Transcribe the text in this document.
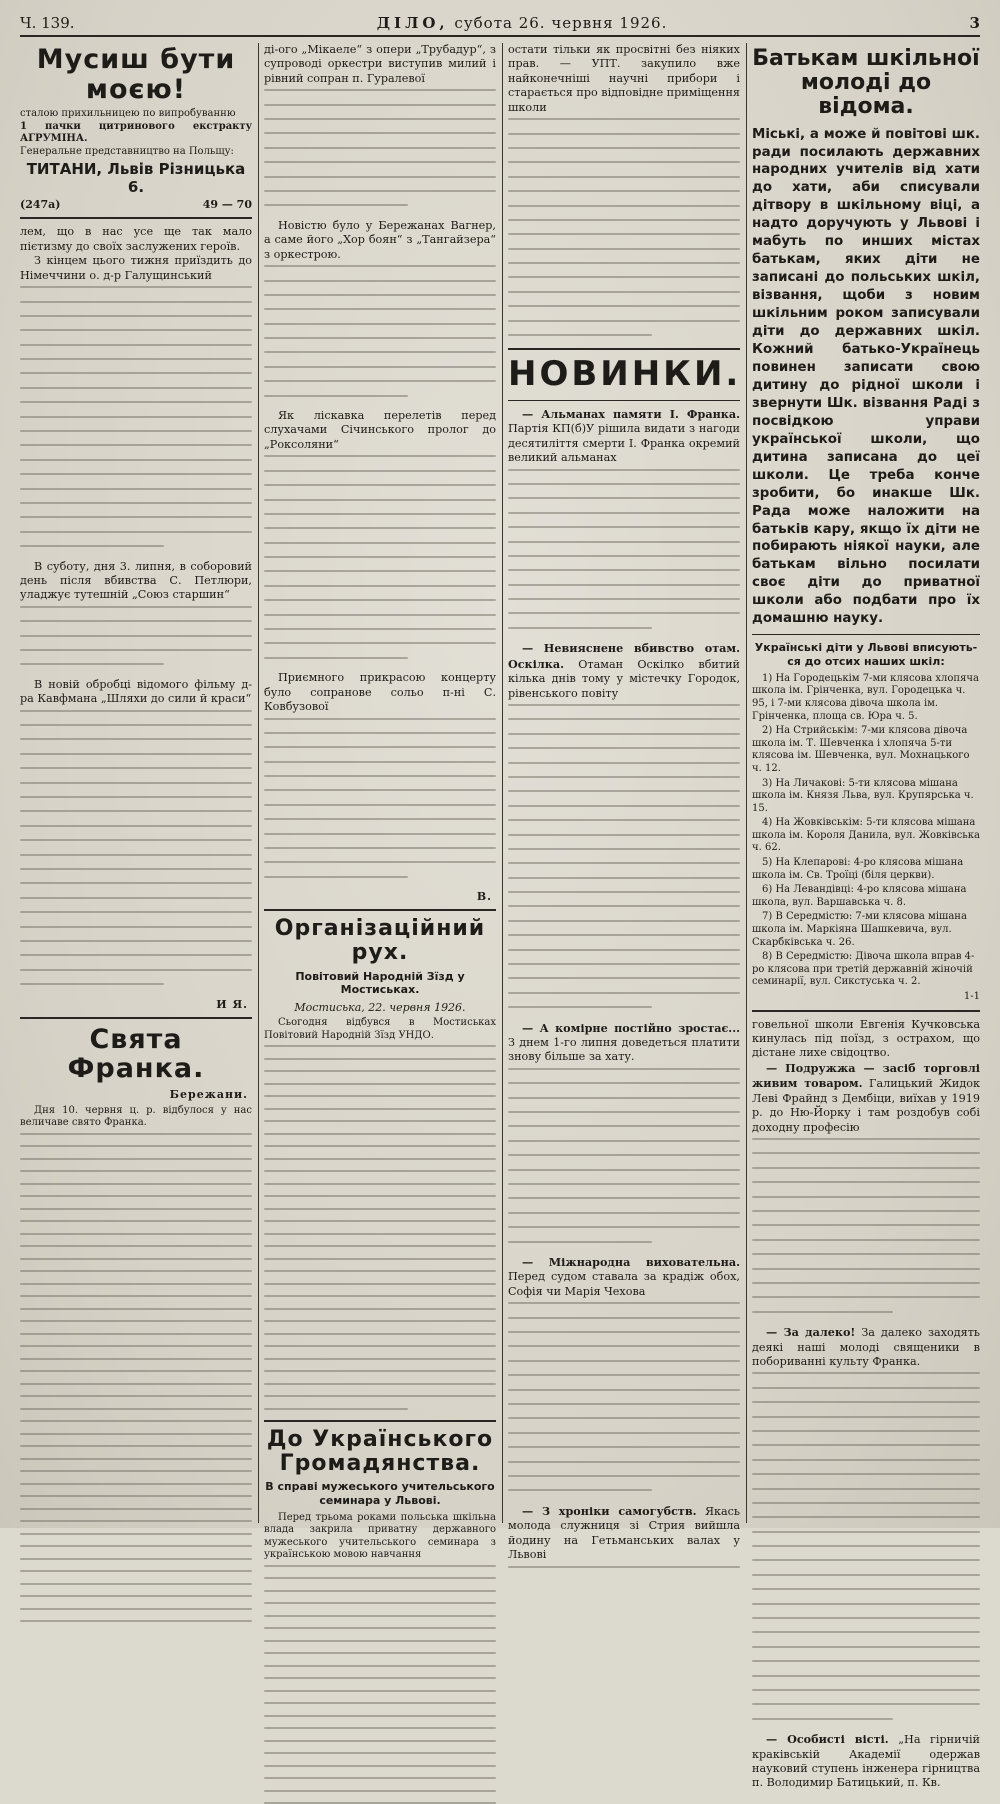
Ч. 139.	ДІЛО, субота 26. червня 1926.	3
Мусиш бути моєю!

сталою прихильницею по випробуванню

1 пачки цитринового екстракту АГРУМІНА.

Генеральне представництво на Польщу:

ТИТАНИ, Львів Різницька 6.
(247а)	49 — 70

лем, що в нас усе ще так мало пієтизму до своїх заслужених героїв.

З кінцем цього тижня приїздить до Німеччини о. д-р Галущинський

В суботу, дня 3. липня, в соборовий день після вбивства С. Петлюри, уладжує тутешній „Союз старшин“

В новій обробці відомого фільму д-ра Кавфмана „Шляхи до сили й краси“

И Я.
Свята Франка.
Бережани.

Дня 10. червня ц. р. відбулося у нас величаве свято Франка.

ді-ого „Мікаеле“ з опери „Трубадур“, з супроводі оркестри виступив милий і рівний сопран п. Гуралевої

Новістю було у Бережанах Вагнер, а саме його „Хор боян“ з „Тангайзера“ з оркестрою.

Як ліскавка перелетів перед слухачами Січинського пролог до „Роксоляни“

Приємного прикрасою концерту було сопранове сольо п-ні С. Ковбузової

В.
Організаційний рух.
Повітовий Народній Зїзд у Мостиськах.
Мостиська, 22. червня 1926.

Сьогодня відбувся в Мостиськах Повітовий Народній Зїзд УНДО.

До Українського Громадянства.
В справі мужеського учительського семинара у Львові.

Перед трьома роками польська шкільна влада закрила приватну державного мужеського учительського семинара з українською мовою навчання

остати тільки як просвітні без ніяких прав. — УПТ. закупило вже найконечніші научні прибори і старається про відповідне приміщення школи

НОВИНКИ.

— Альманах памяти І. Франка. Партія КП(б)У рішила видати з нагоди десятиліття смерти І. Франка окремий великий альманах

— Невияснене вбивство отам. Оскілка. Отаман Оскілко вбитий кілька днів тому у містечку Городок, рівенського повіту

— А комірне постійно зростає... З днем 1-го липня доведеться платити знову більше за хату.

— Міжнародна виховательна. Перед судом ставала за крадіж обох, Софія чи Марія Чехова

— З хроніки самогубств. Якась молода служниця зі Стрия вийшла йодину на Гетьманських валах у Львові

Батькам шкільної молоді до відома.

Міські, а може й повітові шк. ради посилають державних народних учителів від хати до хати, аби списували дітвору в шкільному віці, а надто доручують у Львові і мабуть по инших містах батькам, яких діти не записані до польських шкіл, візвання, щоби з новим шкільним роком записували діти до державних шкіл. Кожний батько-Українець повинен записати свою дитину до рідної школи і звернути Шк. візвання Раді з посвідкою управи української школи, що дитина записана до цеї школи. Це треба конче зробити, бо инакше Шк. Рада може наложити на батьків кару, якщо їх діти не побирають ніякої науки, але батькам вільно посилати своє діти до приватної школи або подбати про їх домашню науку.

Українські діти у Львові вписуються до отсих наших шкіл:

1) На Городецькім 7-ми клясова хлопяча школа ім. Грінченка, вул. Городецька ч. 95, і 7-ми клясова дівоча школа ім. Грінченка, площа св. Юра ч. 5.

2) На Стрийськім: 7-ми клясова дівоча школа ім. Т. Шевченка і хлопяча 5-ти клясова ім. Шевченка, вул. Мохнацького ч. 12.

3) На Личакові: 5-ти клясова мішана школа ім. Князя Льва, вул. Крупярська ч. 15.

4) На Жовківськім: 5-ти клясова мішана школа ім. Короля Данила, вул. Жовківська ч. 62.

5) На Клепарові: 4-ро клясова мішана школа ім. Св. Троїці (біля церкви).

6) На Левандівці: 4-ро клясова мішана школа, вул. Варшавська ч. 8.

7) В Середмістю: 7-ми клясова мішана школа ім. Маркіяна Шашкевича, вул. Скарбківська ч. 26.

8) В Середмістю: Дівоча школа вправ 4-ро клясова при третій державній жіночій семинарії, вул. Сикстуська ч. 2.

1-1

говельної школи Евгенія Кучковська кинулась під поїзд, з острахом, що дістане лихе свідоцтво.

— Подружжа — засіб торговлі живим товаром. Галицький Жидок Леві Фрайнд з Дембіци, виїхав у 1919 р. до Ню-Йорку і там роздобув собі доходну професію

— За далеко! За далеко заходять деякі наші молоді священики в побориванні культу Франка.

— Особисті вісті. „На гірничій краківській Академії одержав науковий ступень інженера гірництва п. Володимир Батицький, п. Кв.
